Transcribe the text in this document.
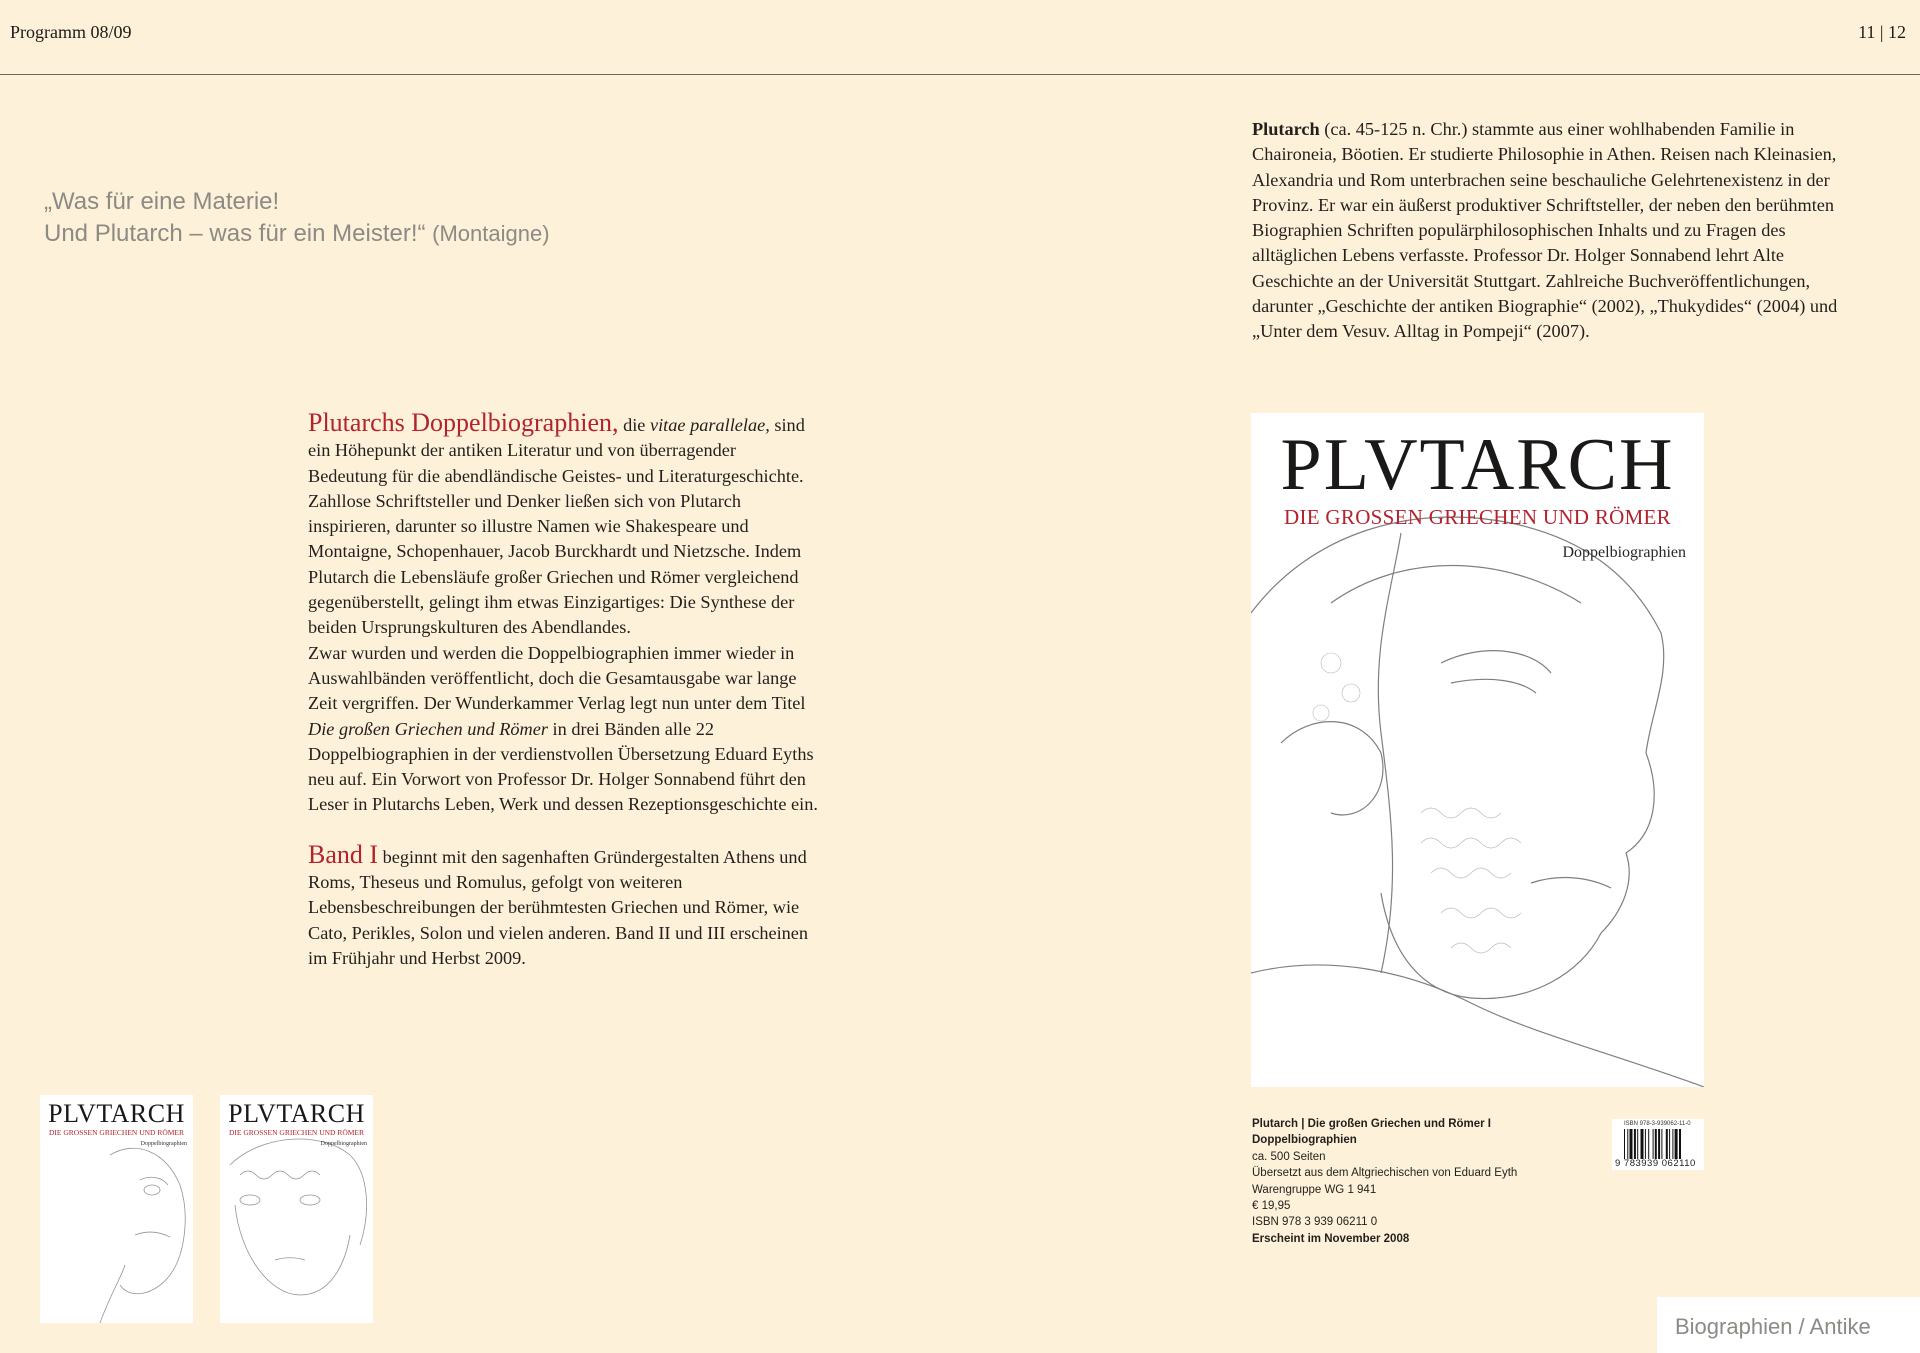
Programm 08/09	11 | 12
„Was für eine Materie!
Und Plutarch – was für ein Meister!“ (Montaigne)
Plutarch (ca. 45-125 n. Chr.) stammte aus einer wohlhabenden Familie in Chaironeia, Böotien. Er studierte Philosophie in Athen. Reisen nach Kleinasien, Alexandria und Rom unterbrachen seine beschauliche Gelehrtenexistenz in der Provinz. Er war ein äußerst produktiver Schriftsteller, der neben den berühmten Biographien Schriften populärphilosophischen Inhalts und zu Fragen des alltäglichen Lebens verfasste. Professor Dr. Holger Sonnabend lehrt Alte Geschichte an der Universität Stuttgart. Zahlreiche Buchveröffentlichungen, darunter „Geschichte der antiken Biographie“ (2002), „Thukydides“ (2004) und „Unter dem Vesuv. Alltag in Pompeji“ (2007).

Plutarchs Doppelbiographien, die vitae parallelae, sind ein Höhepunkt der antiken Literatur und von überragender Bedeutung für die abendländische Geistes- und Literaturgeschichte. Zahllose Schriftsteller und Denker ließen sich von Plutarch inspirieren, darunter so illustre Namen wie Shakespeare und Montaigne, Schopenhauer, Jacob Burckhardt und Nietzsche. Indem Plutarch die Lebensläufe großer Griechen und Römer vergleichend gegenüberstellt, gelingt ihm etwas Einzigartiges: Die Synthese der beiden Ursprungskulturen des Abendlandes.
Zwar wurden und werden die Doppelbiographien immer wieder in Auswahlbänden veröffentlicht, doch die Gesamtausgabe war lange Zeit vergriffen. Der Wunderkammer Verlag legt nun unter dem Titel Die großen Griechen und Römer in drei Bänden alle 22 Doppelbiographien in der verdienstvollen Übersetzung Eduard Eyths neu auf. Ein Vorwort von Professor Dr. Holger Sonnabend führt den Leser in Plutarchs Leben, Werk und dessen Rezeptionsgeschichte ein.

Band I beginnt mit den sagenhaften Gründergestalten Athens und Roms, Theseus und Romulus, gefolgt von weiteren Lebensbeschreibungen der berühmtesten Griechen und Römer, wie Cato, Perikles, Solon und vielen anderen. Band II und III erscheinen im Frühjahr und Herbst 2009.

PLVTARCH
DIE GROSSEN GRIECHEN UND RÖMER
Doppelbiographien
Plutarch | Die großen Griechen und Römer I
Doppelbiographien
ca. 500 Seiten
Übersetzt aus dem Altgriechischen von Eduard Eyth
Warengruppe WG 1 941
€ 19,95
ISBN 978 3 939 06211 0
Erscheint im November 2008
ISBN 978-3-939062-11-0
9 783939 062110
PLVTARCH
DIE GROSSEN GRIECHEN UND RÖMER
Doppelbiographien
PLVTARCH
DIE GROSSEN GRIECHEN UND RÖMER
Doppelbiographien
Biographien / Antike
